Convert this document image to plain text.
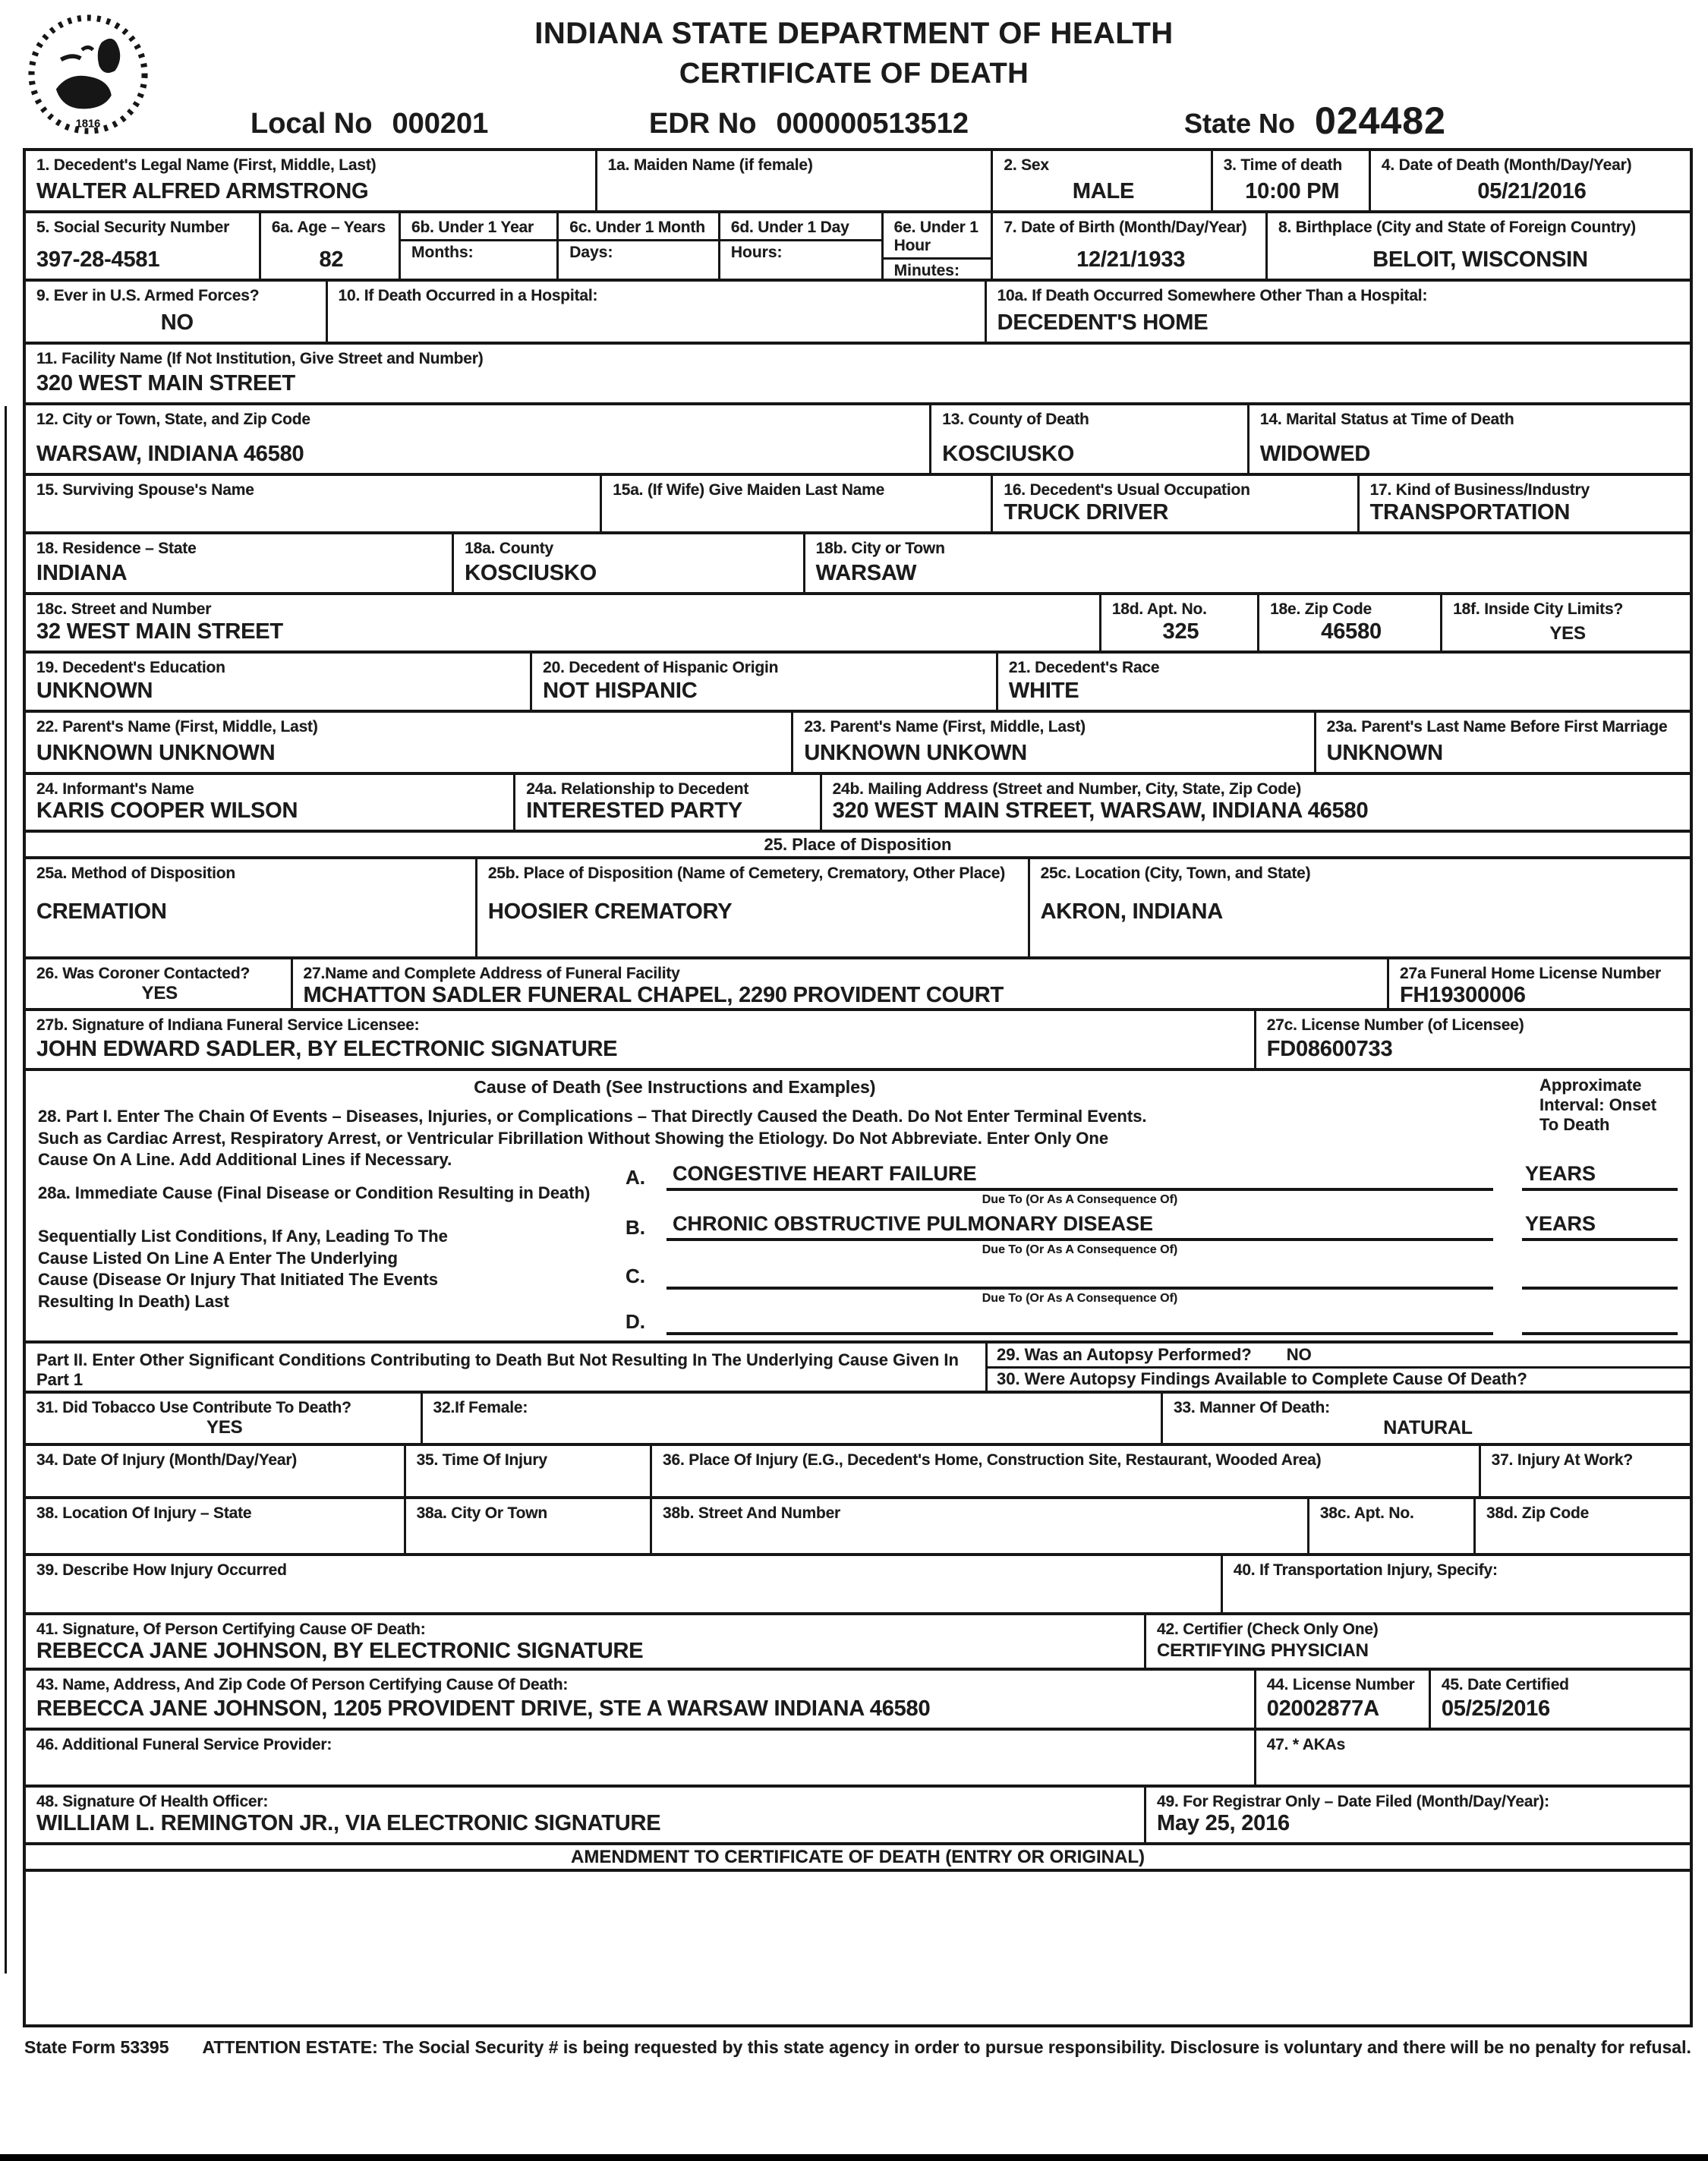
1816
INDIANA STATE DEPARTMENT OF HEALTH
CERTIFICATE OF DEATH
Local No 000201	EDR No 000000513512	State No 024482
1. Decedent's Legal Name (First, Middle, Last)
WALTER ALFRED ARMSTRONG
1a. Maiden Name (if female)	2. Sex
MALE
3. Time of death
10:00 PM
4. Date of Death (Month/Day/Year)
05/21/2016
5. Social Security Number
397-28-4581
6a. Age – Years
82
6b. Under 1 Year
Months:
6c. Under 1 Month
Days:
6d. Under 1 Day
Hours:
6e. Under 1 Hour
Minutes:
7. Date of Birth (Month/Day/Year)
12/21/1933
8. Birthplace (City and State of Foreign Country)
BELOIT, WISCONSIN
9. Ever in U.S. Armed Forces?
NO
10. If Death Occurred in a Hospital:	10a. If Death Occurred Somewhere Other Than a Hospital:
DECEDENT'S HOME
11. Facility Name (If Not Institution, Give Street and Number)
320 WEST MAIN STREET
12. City or Town, State, and Zip Code
WARSAW, INDIANA 46580
13. County of Death
KOSCIUSKO
14. Marital Status at Time of Death
WIDOWED
15. Surviving Spouse's Name	15a. (If Wife) Give Maiden Last Name	16. Decedent's Usual Occupation
TRUCK DRIVER
17. Kind of Business/Industry
TRANSPORTATION
18. Residence – State
INDIANA
18a. County
KOSCIUSKO
18b. City or Town
WARSAW
18c. Street and Number
32 WEST MAIN STREET
18d. Apt. No.
325
18e. Zip Code
46580
18f. Inside City Limits?
YES
19. Decedent's Education
UNKNOWN
20. Decedent of Hispanic Origin
NOT HISPANIC
21. Decedent's Race
WHITE
22. Parent's Name (First, Middle, Last)
UNKNOWN UNKNOWN
23. Parent's Name (First, Middle, Last)
UNKNOWN UNKOWN
23a. Parent's Last Name Before First Marriage
UNKNOWN
24. Informant's Name
KARIS COOPER WILSON
24a. Relationship to Decedent
INTERESTED PARTY
24b. Mailing Address (Street and Number, City, State, Zip Code)
320 WEST MAIN STREET, WARSAW, INDIANA 46580
25. Place of Disposition
25a. Method of Disposition
CREMATION
25b. Place of Disposition (Name of Cemetery, Crematory, Other Place)
HOOSIER CREMATORY
25c. Location (City, Town, and State)
AKRON, INDIANA
26. Was Coroner Contacted?
YES
27.Name and Complete Address of Funeral Facility
MCHATTON SADLER FUNERAL CHAPEL, 2290 PROVIDENT COURT
27a Funeral Home License Number
FH19300006
27b. Signature of Indiana Funeral Service Licensee:
JOHN EDWARD SADLER, BY ELECTRONIC SIGNATURE
27c. License Number (of Licensee)
FD08600733
Cause of Death (See Instructions and Examples)	Approximate Interval: Onset To Death
28. Part I. Enter The Chain Of Events – Diseases, Injuries, or Complications – That Directly Caused the Death. Do Not Enter Terminal Events. Such as Cardiac Arrest, Respiratory Arrest, or Ventricular Fibrillation Without Showing the Etiology. Do Not Abbreviate. Enter Only One Cause On A Line. Add Additional Lines if Necessary.
28a. Immediate Cause (Final Disease or Condition Resulting in Death)
Sequentially List Conditions, If Any, Leading To The Cause Listed On Line A Enter The Underlying Cause (Disease Or Injury That Initiated The Events Resulting In Death) Last
A.	CONGESTIVE HEART FAILURE	YEARS
Due To (Or As A Consequence Of)
B.	CHRONIC OBSTRUCTIVE PULMONARY DISEASE	YEARS
Due To (Or As A Consequence Of)
C.
Due To (Or As A Consequence Of)
D.
Part II. Enter Other Significant Conditions Contributing to Death But Not Resulting In The Underlying Cause Given In Part 1
29. Was an Autopsy Performed? NO
30. Were Autopsy Findings Available to Complete Cause Of Death?
31. Did Tobacco Use Contribute To Death?
YES
32.If Female:	33. Manner Of Death:
NATURAL
34. Date Of Injury (Month/Day/Year)	35. Time Of Injury	36. Place Of Injury (E.G., Decedent's Home, Construction Site, Restaurant, Wooded Area)	37. Injury At Work?
38. Location Of Injury – State	38a. City Or Town	38b. Street And Number	38c. Apt. No.	38d. Zip Code
39. Describe How Injury Occurred	40. If Transportation Injury, Specify:
41. Signature, Of Person Certifying Cause OF Death:
REBECCA JANE JOHNSON, BY ELECTRONIC SIGNATURE
42. Certifier (Check Only One)
CERTIFYING PHYSICIAN
43. Name, Address, And Zip Code Of Person Certifying Cause Of Death:
REBECCA JANE JOHNSON, 1205 PROVIDENT DRIVE, STE A WARSAW INDIANA 46580
44. License Number
02002877A
45. Date Certified
05/25/2016
46. Additional Funeral Service Provider:	47. * AKAs
48. Signature Of Health Officer:
WILLIAM L. REMINGTON JR., VIA ELECTRONIC SIGNATURE
49. For Registrar Only – Date Filed (Month/Day/Year):
May 25, 2016
AMENDMENT TO CERTIFICATE OF DEATH (ENTRY OR ORIGINAL)
State Form 53395 ATTENTION ESTATE: The Social Security # is being requested by this state agency in order to pursue responsibility. Disclosure is voluntary and there will be no penalty for refusal.
